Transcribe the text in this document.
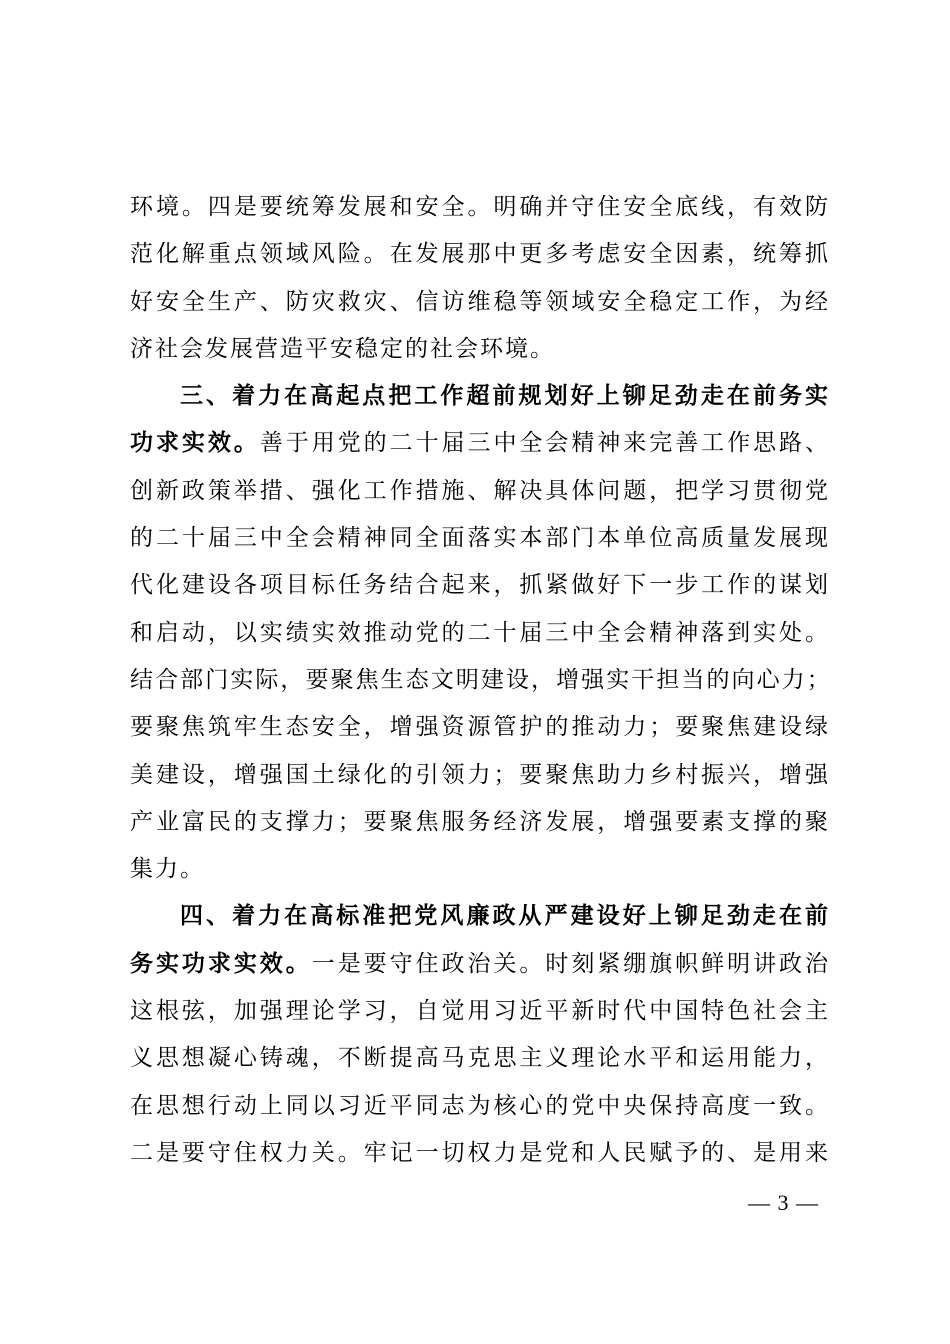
环境。四是要统筹发展和安全。明确并守住安全底线，有效防
范化解重点领域风险。在发展那中更多考虑安全因素，统筹抓
好安全生产、防灾救灾、信访维稳等领域安全稳定工作，为经
济社会发展营造平安稳定的社会环境。
三、着力在高起点把工作超前规划好上铆足劲走在前务实
功求实效。善于用党的二十届三中全会精神来完善工作思路、
创新政策举措、强化工作措施、解决具体问题，把学习贯彻党
的二十届三中全会精神同全面落实本部门本单位高质量发展现
代化建设各项目标任务结合起来，抓紧做好下一步工作的谋划
和启动，以实绩实效推动党的二十届三中全会精神落到实处。
结合部门实际，要聚焦生态文明建设，增强实干担当的向心力；
要聚焦筑牢生态安全，增强资源管护的推动力；要聚焦建设绿
美建设，增强国土绿化的引领力；要聚焦助力乡村振兴，增强
产业富民的支撑力；要聚焦服务经济发展，增强要素支撑的聚
集力。
四、着力在高标准把党风廉政从严建设好上铆足劲走在前
务实功求实效。一是要守住政治关。时刻紧绷旗帜鲜明讲政治
这根弦，加强理论学习，自觉用习近平新时代中国特色社会主
义思想凝心铸魂，不断提高马克思主义理论水平和运用能力，
在思想行动上同以习近平同志为核心的党中央保持高度一致。
二是要守住权力关。牢记一切权力是党和人民赋予的、是用来
— 3 —
